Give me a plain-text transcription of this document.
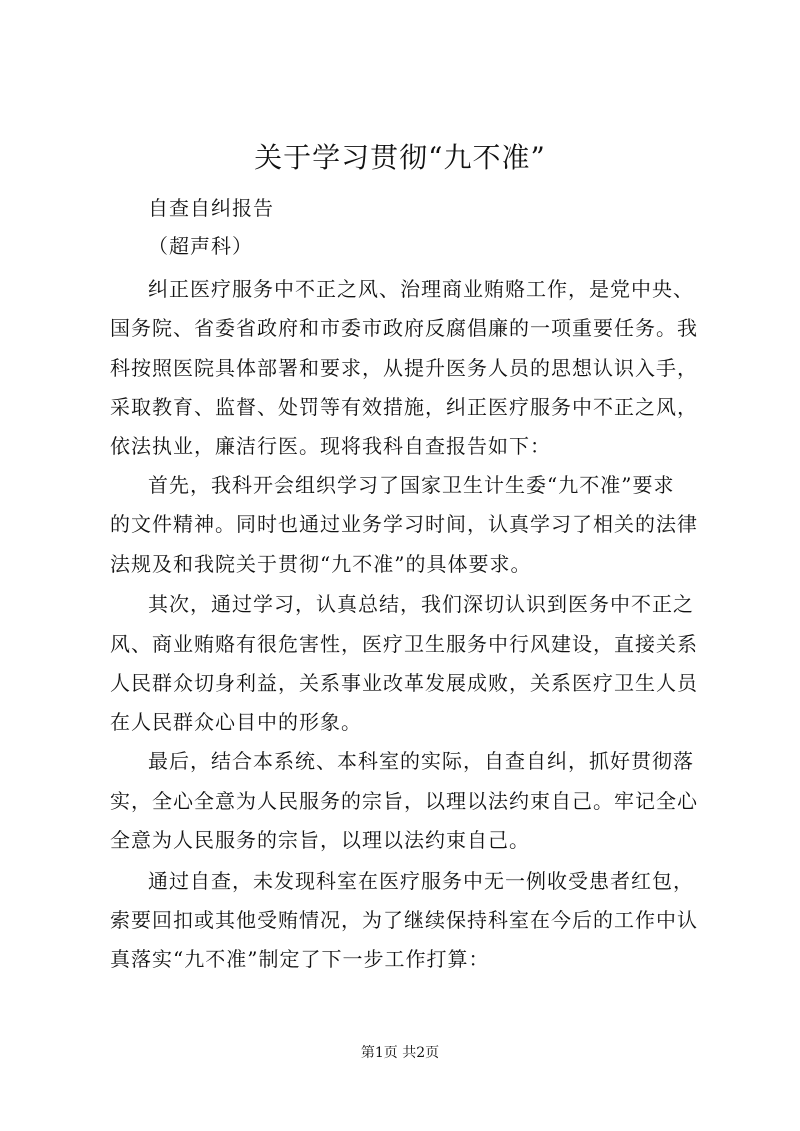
关于学习贯彻“九不准”
自查自纠报告
（超声科）
纠正医疗服务中不正之风、治理商业贿赂工作，是党中央、
国务院、省委省政府和市委市政府反腐倡廉的一项重要任务。我
科按照医院具体部署和要求，从提升医务人员的思想认识入手，
采取教育、监督、处罚等有效措施，纠正医疗服务中不正之风，
依法执业，廉洁行医。现将我科自查报告如下：
首先，我科开会组织学习了国家卫生计生委“九不准”要求
的文件精神。同时也通过业务学习时间，认真学习了相关的法律
法规及和我院关于贯彻“九不准”的具体要求。
其次，通过学习，认真总结，我们深切认识到医务中不正之
风、商业贿赂有很危害性，医疗卫生服务中行风建设，直接关系
人民群众切身利益，关系事业改革发展成败，关系医疗卫生人员
在人民群众心目中的形象。
最后，结合本系统、本科室的实际，自查自纠，抓好贯彻落
实，全心全意为人民服务的宗旨，以理以法约束自己。牢记全心
全意为人民服务的宗旨，以理以法约束自己。
通过自查，未发现科室在医疗服务中无一例收受患者红包，
索要回扣或其他受贿情况，为了继续保持科室在今后的工作中认
真落实“九不准”制定了下一步工作打算：
第1页 共2页
